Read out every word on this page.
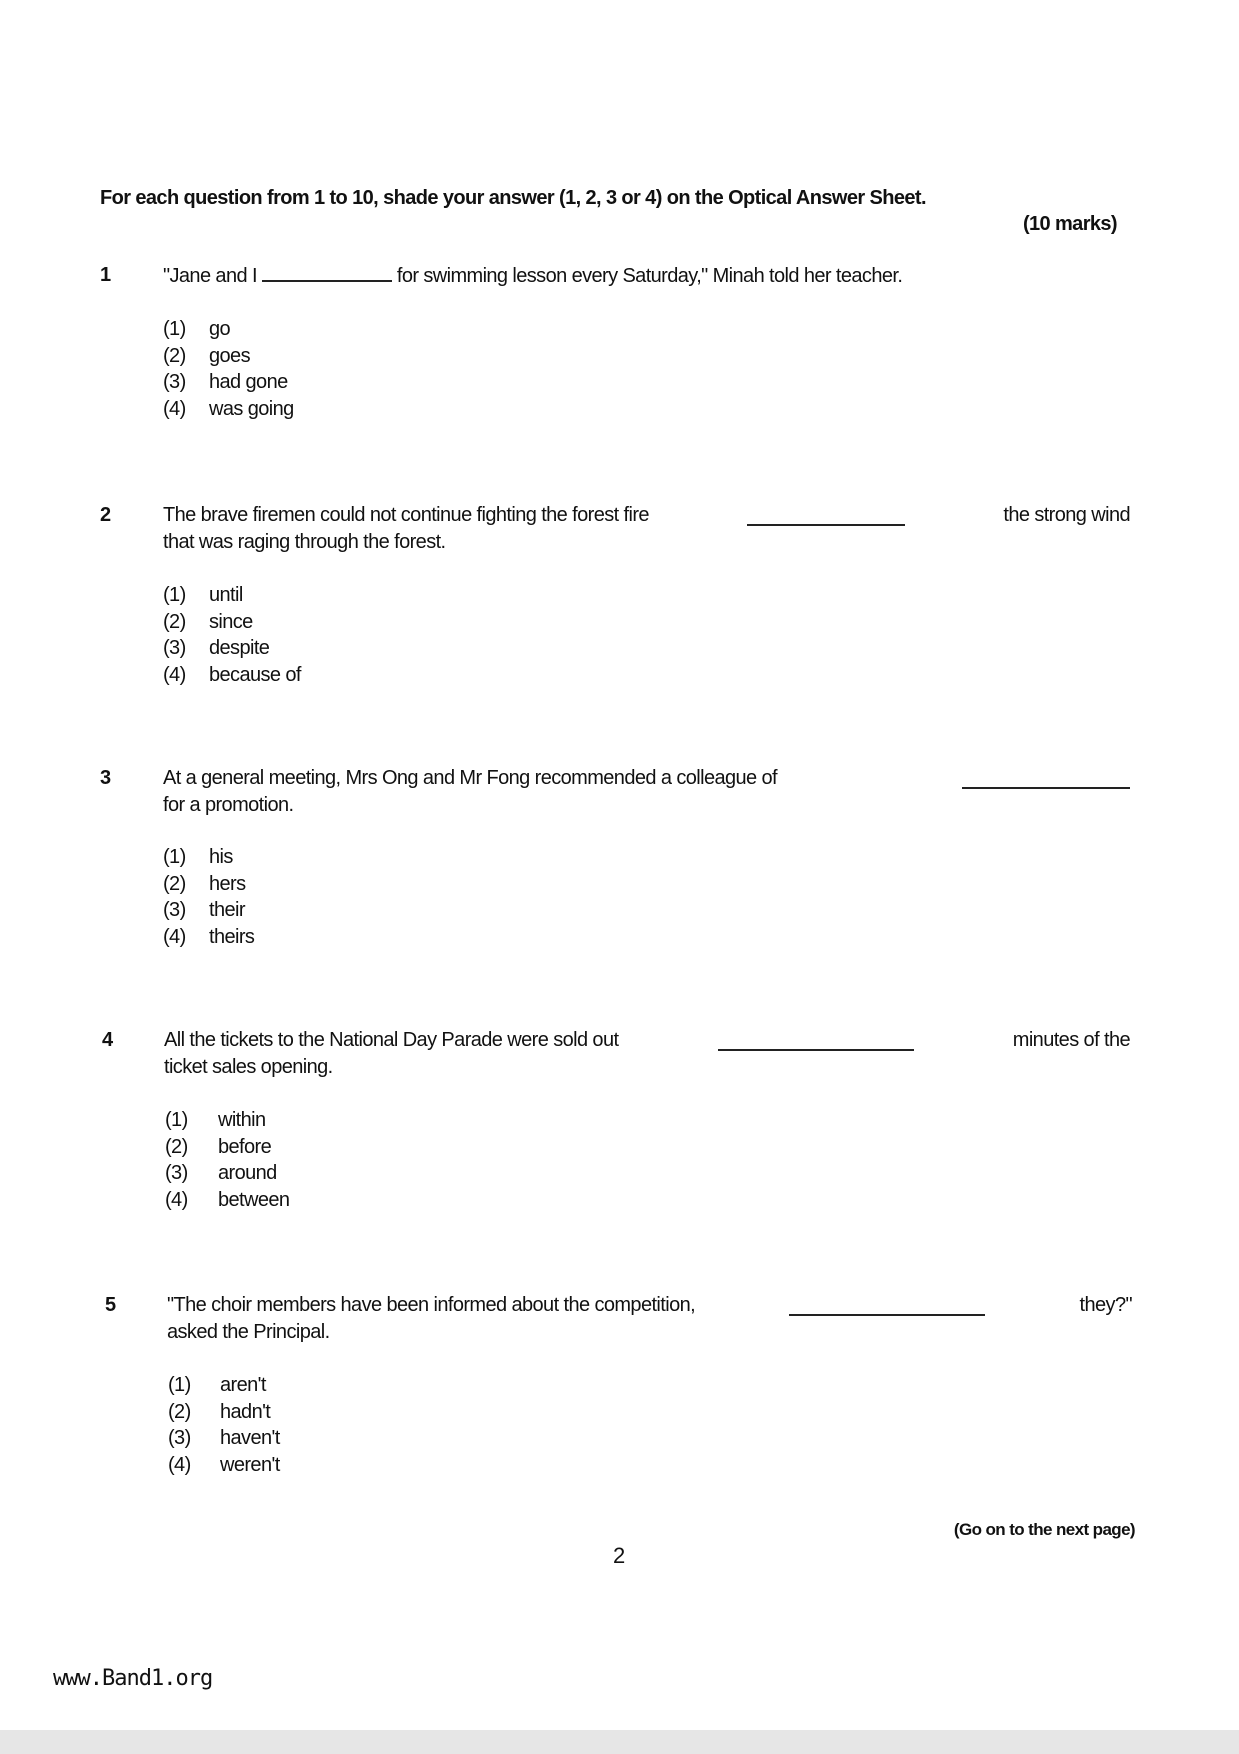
For each question from 1 to 10, shade your answer (1, 2, 3 or 4) on the Optical Answer Sheet.
(10 marks)
1	"Jane and I	for swimming lesson every Saturday," Minah told her teacher.
(1) go
(2) goes
(3) had gone
(4) was going
2	The brave firemen could not continue fighting the forest fire	the strong wind
that was raging through the forest.
(1) until
(2) since
(3) despite
(4) because of
3	At a general meeting, Mrs Ong and Mr Fong recommended a colleague of
for a promotion.
(1) his
(2) hers
(3) their
(4) theirs
4	All the tickets to the National Day Parade were sold out	minutes of the
ticket sales opening.
(1) within
(2) before
(3) around
(4) between
5	"The choir members have been informed about the competition,	they?"
asked the Principal.
(1) aren't
(2) hadn't
(3) haven't
(4) weren't
(Go on to the next page)
2
www.Band1.org
